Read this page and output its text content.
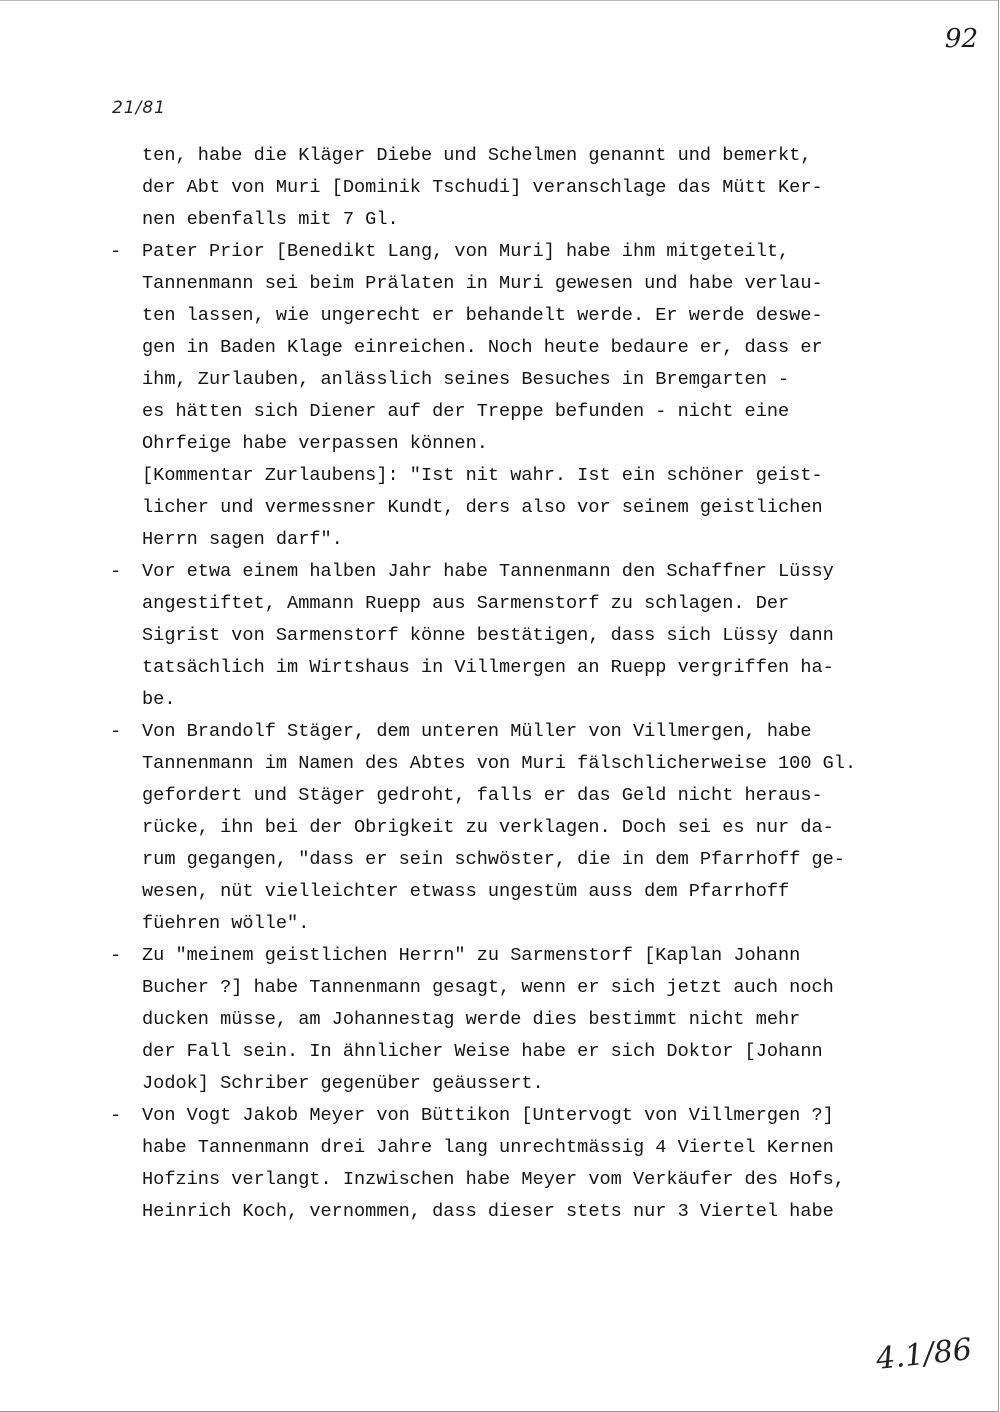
92
21/81
ten, habe die Kläger Diebe und Schelmen genannt und bemerkt,
der Abt von Muri [Dominik Tschudi] veranschlage das Mütt Ker-
nen ebenfalls mit 7 Gl.
-	Pater Prior [Benedikt Lang, von Muri] habe ihm mitgeteilt,
Tannenmann sei beim Prälaten in Muri gewesen und habe verlau-
ten lassen, wie ungerecht er behandelt werde. Er werde deswe-
gen in Baden Klage einreichen. Noch heute bedaure er, dass er
ihm, Zurlauben, anlässlich seines Besuches in Bremgarten -
es hätten sich Diener auf der Treppe befunden - nicht eine
Ohrfeige habe verpassen können.
[Kommentar Zurlaubens]: "Ist nit wahr. Ist ein schöner geist-
licher und vermessner Kundt, ders also vor seinem geistlichen
Herrn sagen darf".
-	Vor etwa einem halben Jahr habe Tannenmann den Schaffner Lüssy
angestiftet, Ammann Ruepp aus Sarmenstorf zu schlagen. Der
Sigrist von Sarmenstorf könne bestätigen, dass sich Lüssy dann
tatsächlich im Wirtshaus in Villmergen an Ruepp vergriffen ha-
be.
-	Von Brandolf Stäger, dem unteren Müller von Villmergen, habe
Tannenmann im Namen des Abtes von Muri fälschlicherweise 100 Gl.
gefordert und Stäger gedroht, falls er das Geld nicht heraus-
rücke, ihn bei der Obrigkeit zu verklagen. Doch sei es nur da-
rum gegangen, "dass er sein schwöster, die in dem Pfarrhoff ge-
wesen, nüt vielleichter etwass ungestüm auss dem Pfarrhoff
füehren wölle".
-	Zu "meinem geistlichen Herrn" zu Sarmenstorf [Kaplan Johann
Bucher ?] habe Tannenmann gesagt, wenn er sich jetzt auch noch
ducken müsse, am Johannestag werde dies bestimmt nicht mehr
der Fall sein. In ähnlicher Weise habe er sich Doktor [Johann
Jodok] Schriber gegenüber geäussert.
-	Von Vogt Jakob Meyer von Büttikon [Untervogt von Villmergen ?]
habe Tannenmann drei Jahre lang unrechtmässig 4 Viertel Kernen
Hofzins verlangt. Inzwischen habe Meyer vom Verkäufer des Hofs,
Heinrich Koch, vernommen, dass dieser stets nur 3 Viertel habe
4.1/86
